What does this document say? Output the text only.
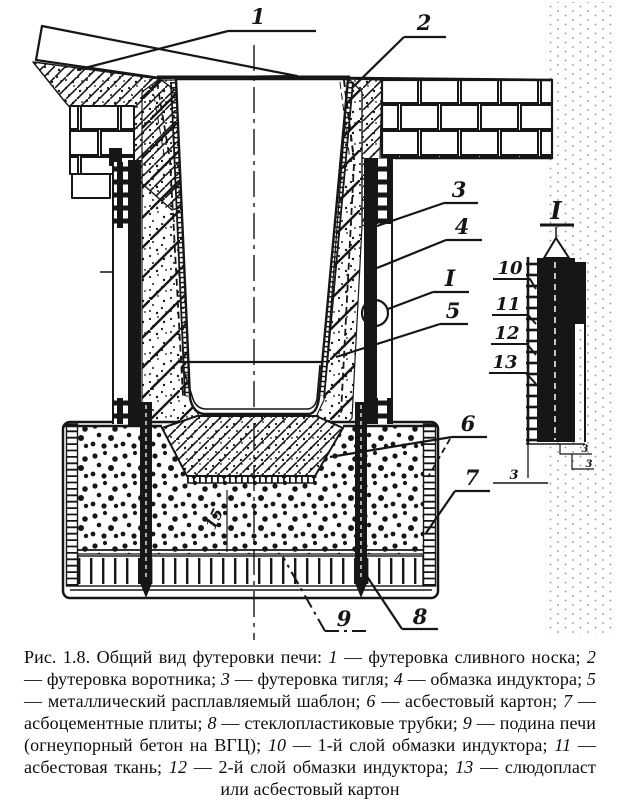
1	2
3
4
I
5
6
7
8
9
15
I
3
3
3
10
11
12
13
Рис. 1.8. Общий вид футеровки печи: 1 — футеровка сливного носка; 2 — футеровка воротника; 3 — футеровка тигля; 4 — обмазка индуктора; 5 — металлический расплавляемый шаблон; 6 — асбестовый картон; 7 — асбоцементные плиты; 8 — стеклопластиковые трубки; 9 — подина печи (огнеупорный бетон на ВГЦ); 10 — 1-й слой обмазки индуктора; 11 — асбестовая ткань; 12 — 2-й слой обмазки индуктора; 13 — слюдопласт или асбестовый картон
